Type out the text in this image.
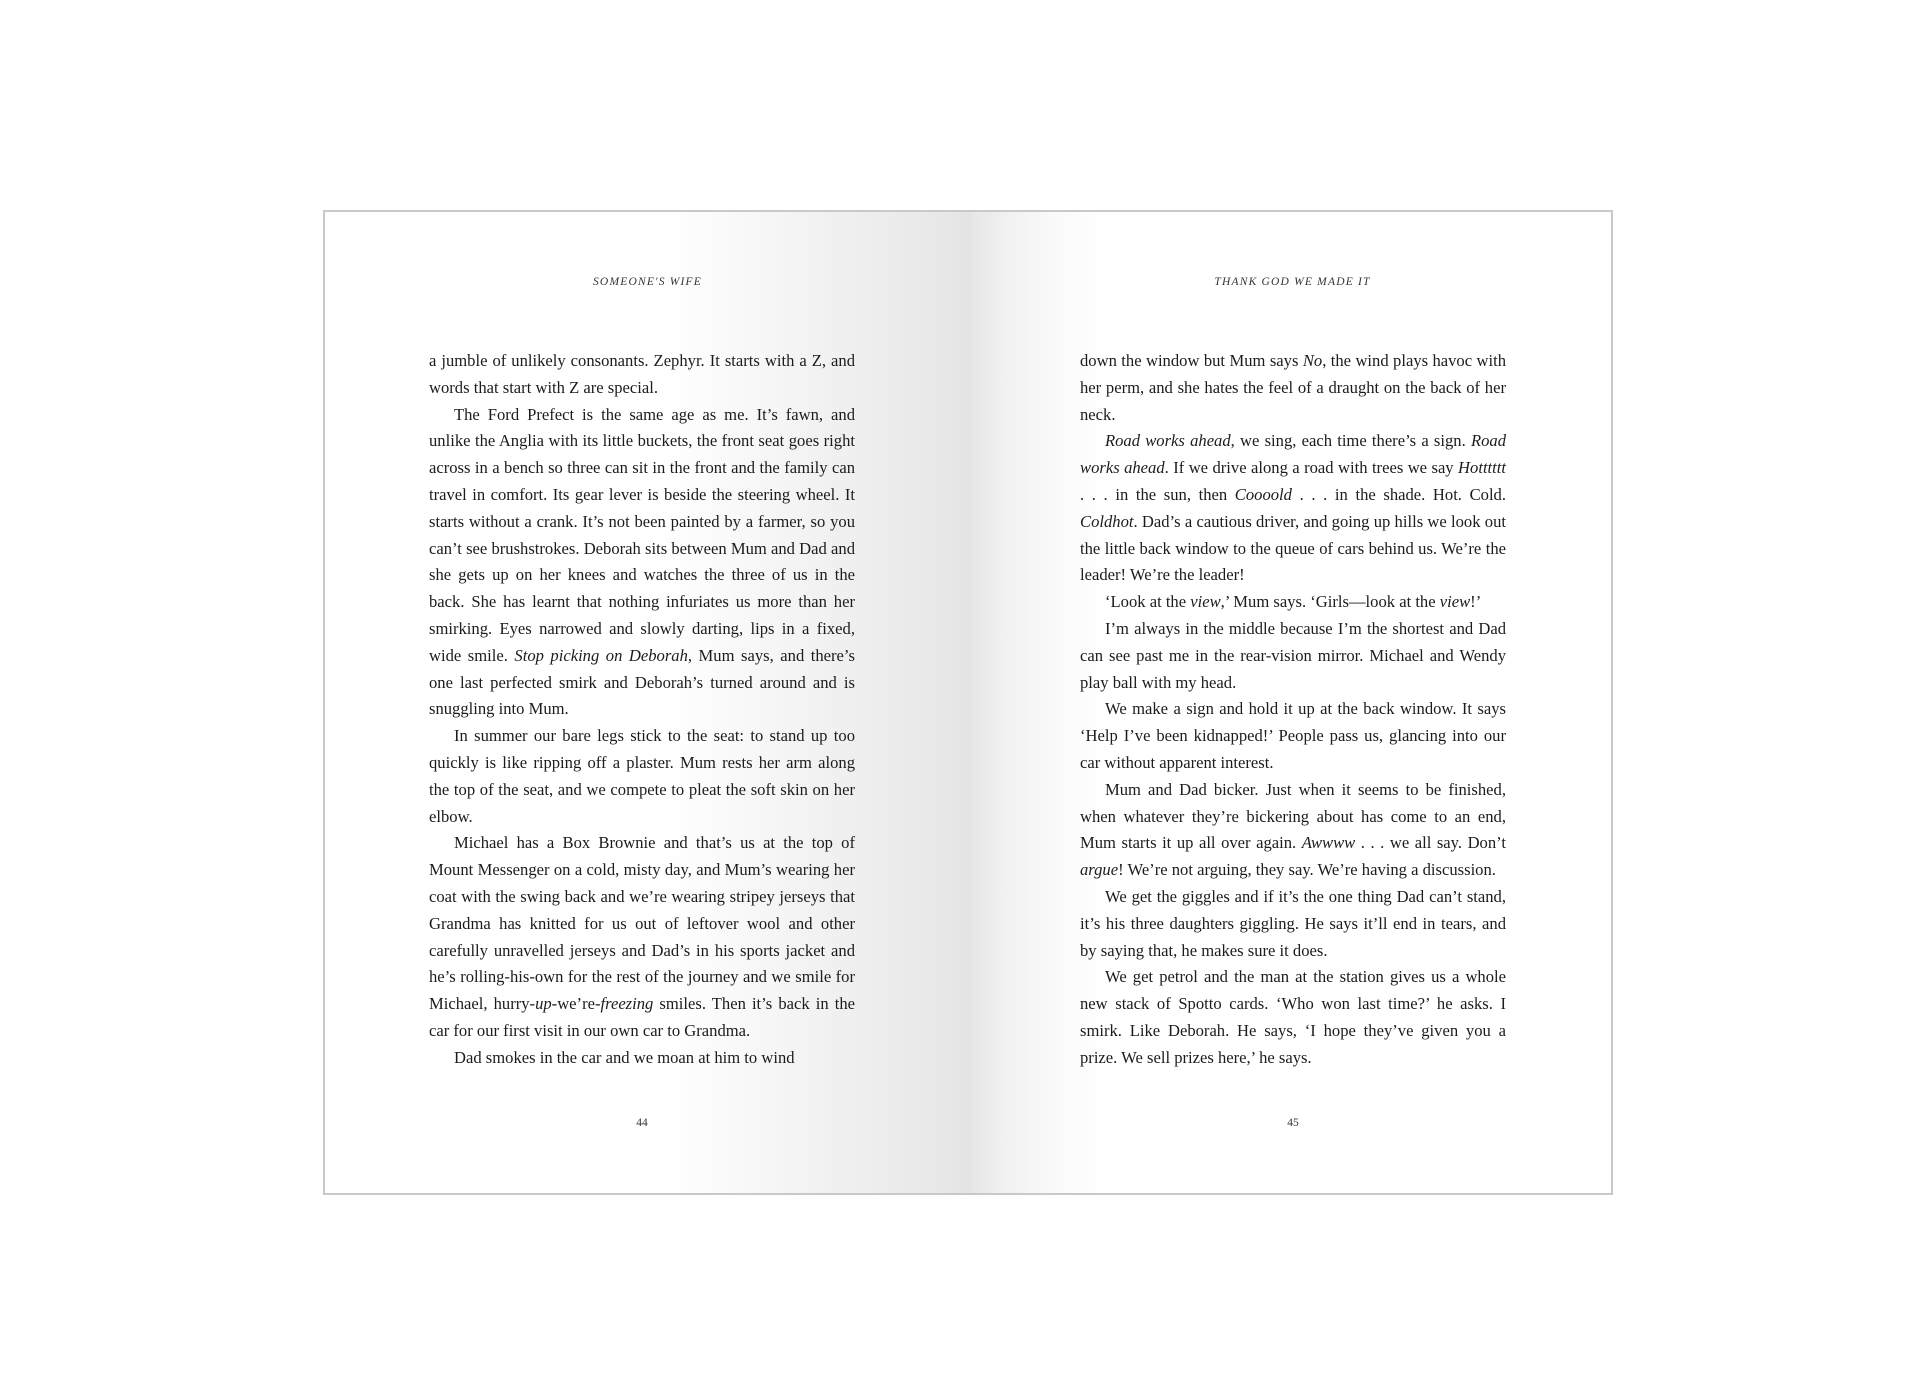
SOMEONE'S WIFE

a jumble of unlikely consonants. Zephyr. It starts with a Z, and words that start with Z are special.

The Ford Prefect is the same age as me. It’s fawn, and unlike the Anglia with its little buckets, the front seat goes right across in a bench so three can sit in the front and the family can travel in comfort. Its gear lever is beside the steering wheel. It starts without a crank. It’s not been painted by a farmer, so you can’t see brushstrokes. Deborah sits between Mum and Dad and she gets up on her knees and watches the three of us in the back. She has learnt that nothing infuriates us more than her smirking. Eyes narrowed and slowly darting, lips in a fixed, wide smile. Stop picking on Deborah, Mum says, and there’s one last perfected smirk and Deborah’s turned around and is snuggling into Mum.

In summer our bare legs stick to the seat: to stand up too quickly is like ripping off a plaster. Mum rests her arm along the top of the seat, and we compete to pleat the soft skin on her elbow.

Michael has a Box Brownie and that’s us at the top of Mount Messenger on a cold, misty day, and Mum’s wearing her coat with the swing back and we’re wearing stripey jerseys that Grandma has knitted for us out of leftover wool and other carefully unravelled jerseys and Dad’s in his sports jacket and he’s rolling-his-own for the rest of the journey and we smile for Michael, hurry-up-we’re-freezing smiles. Then it’s back in the car for our first visit in our own car to Grandma.

Dad smokes in the car and we moan at him to wind

44
THANK GOD WE MADE IT

down the window but Mum says No, the wind plays havoc with her perm, and she hates the feel of a draught on the back of her neck.

Road works ahead, we sing, each time there’s a sign. Road works ahead. If we drive along a road with trees we say Hotttttt . . . in the sun, then Coooold . . . in the shade. Hot. Cold. Coldhot. Dad’s a cautious driver, and going up hills we look out the little back window to the queue of cars behind us. We’re the leader! We’re the leader!

‘Look at the view,’ Mum says. ‘Girls—look at the view!’

I’m always in the middle because I’m the shortest and Dad can see past me in the rear-vision mirror. Michael and Wendy play ball with my head.

We make a sign and hold it up at the back window. It says ‘Help I’ve been kidnapped!’ People pass us, glancing into our car without apparent interest.

Mum and Dad bicker. Just when it seems to be finished, when whatever they’re bickering about has come to an end, Mum starts it up all over again. Awwww . . . we all say. Don’t argue! We’re not arguing, they say. We’re having a discussion.

We get the giggles and if it’s the one thing Dad can’t stand, it’s his three daughters giggling. He says it’ll end in tears, and by saying that, he makes sure it does.

We get petrol and the man at the station gives us a whole new stack of Spotto cards. ‘Who won last time?’ he asks. I smirk. Like Deborah. He says, ‘I hope they’ve given you a prize. We sell prizes here,’ he says.

45
